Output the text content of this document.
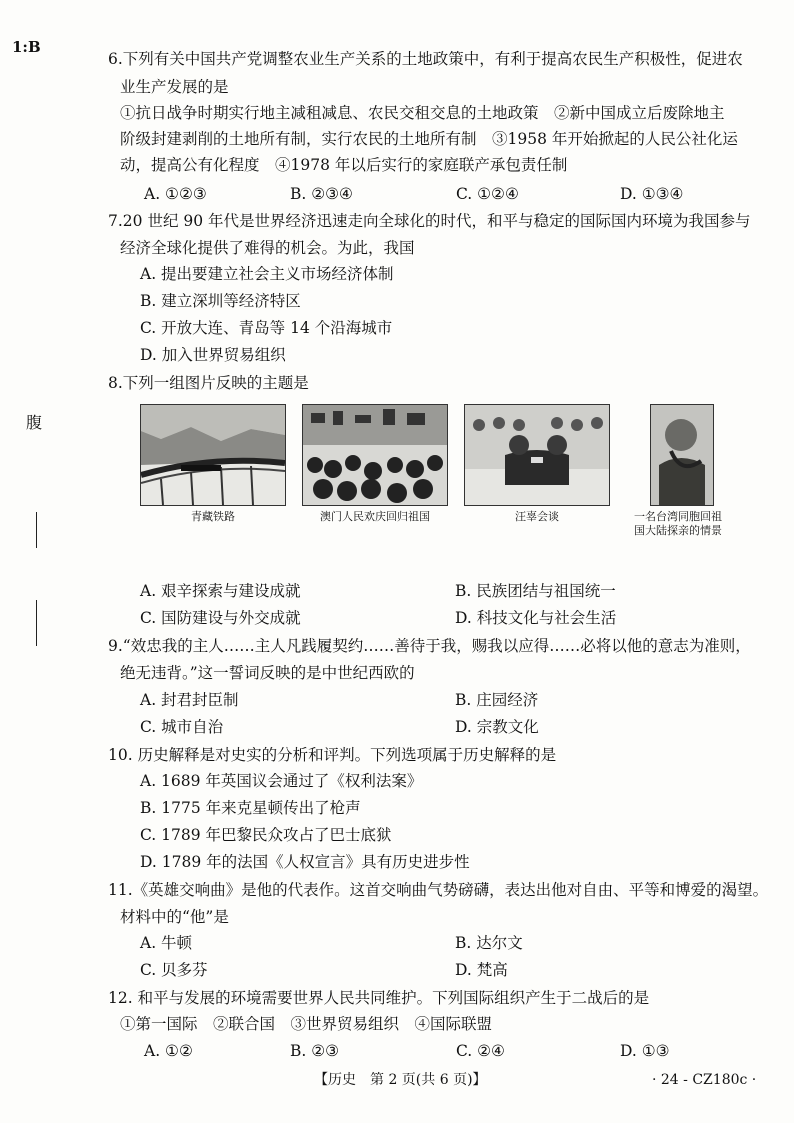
1:B
腹
6.下列有关中国共产党调整农业生产关系的土地政策中，有利于提高农民生产积极性，促进农
业生产发展的是
①抗日战争时期实行地主减租减息、农民交租交息的土地政策　②新中国成立后废除地主
阶级封建剥削的土地所有制，实行农民的土地所有制　③1958 年开始掀起的人民公社化运
动，提高公有化程度　④1978 年以后实行的家庭联产承包责任制
A. ①②③	B. ②③④	C. ①②④	D. ①③④
7.20 世纪 90 年代是世界经济迅速走向全球化的时代，和平与稳定的国际国内环境为我国参与
经济全球化提供了难得的机会。为此，我国
A. 提出要建立社会主义市场经济体制
B. 建立深圳等经济特区
C. 开放大连、青岛等 14 个沿海城市
D. 加入世界贸易组织
8.下列一组图片反映的主题是
青藏铁路	澳门人民欢庆回归祖国	汪辜会谈	一名台湾同胞回祖国大陆探亲的情景
A. 艰辛探索与建设成就	B. 民族团结与祖国统一
C. 国防建设与外交成就	D. 科技文化与社会生活
9.“效忠我的主人……主人凡践履契约……善待于我，赐我以应得……必将以他的意志为准则，
绝无违背。”这一誓词反映的是中世纪西欧的
A. 封君封臣制	B. 庄园经济
C. 城市自治	D. 宗教文化
10. 历史解释是对史实的分析和评判。下列选项属于历史解释的是
A. 1689 年英国议会通过了《权利法案》
B. 1775 年来克星顿传出了枪声
C. 1789 年巴黎民众攻占了巴士底狱
D. 1789 年的法国《人权宣言》具有历史进步性
11.《英雄交响曲》是他的代表作。这首交响曲气势磅礴，表达出他对自由、平等和博爱的渴望。
材料中的“他”是
A. 牛顿	B. 达尔文
C. 贝多芬	D. 梵高
12. 和平与发展的环境需要世界人民共同维护。下列国际组织产生于二战后的是
①第一国际　②联合国　③世界贸易组织　④国际联盟
A. ①②	B. ②③	C. ②④	D. ①③
【历史　第 2 页(共 6 页)】	· 24 - CZ180c ·
